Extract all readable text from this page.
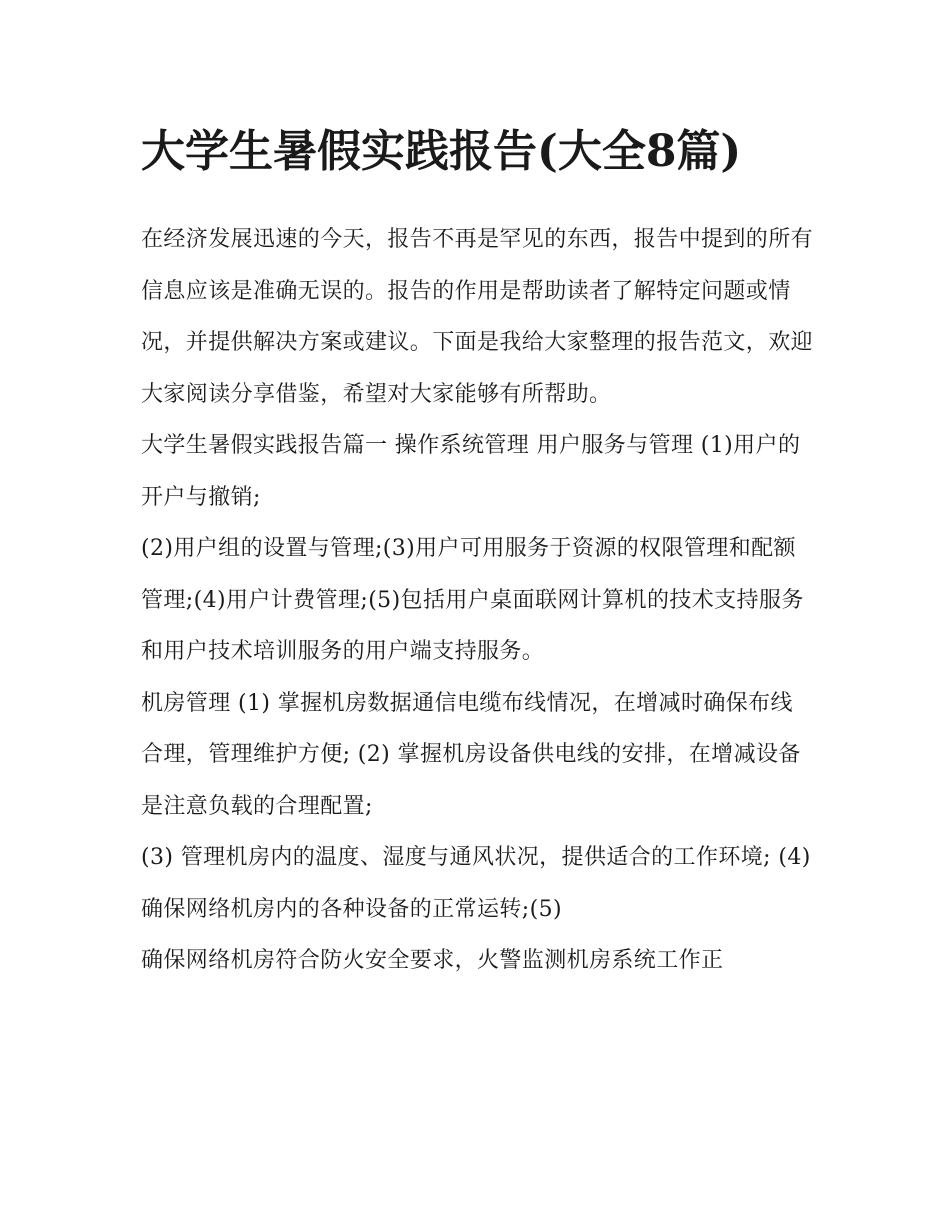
大学生暑假实践报告(大全8篇)

在经济发展迅速的今天，报告不再是罕见的东西，报告中提到的所有信息应该是准确无误的。报告的作用是帮助读者了解特定问题或情况，并提供解决方案或建议。下面是我给大家整理的报告范文，欢迎大家阅读分享借鉴，希望对大家能够有所帮助。

大学生暑假实践报告篇一 操作系统管理 用户服务与管理 (1)用户的开户与撤销;

(2)用户组的设置与管理;(3)用户可用服务于资源的权限管理和配额管理;(4)用户计费管理;(5)包括用户桌面联网计算机的技术支持服务和用户技术培训服务的用户端支持服务。

机房管理 (1) 掌握机房数据通信电缆布线情况，在增减时确保布线合理，管理维护方便; (2) 掌握机房设备供电线的安排，在增减设备是注意负载的合理配置;

(3) 管理机房内的温度、湿度与通风状况，提供适合的工作环境; (4) 确保网络机房内的各种设备的正常运转;(5)

确保网络机房符合防火安全要求，火警监测机房系统工作正
